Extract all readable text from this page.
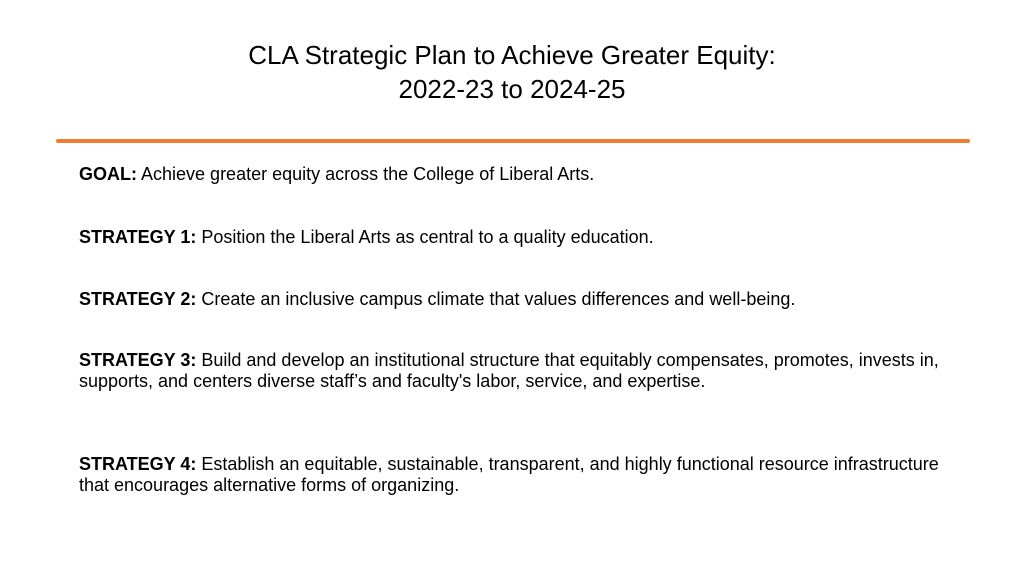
CLA Strategic Plan to Achieve Greater Equity:
2022-23 to 2024-25

GOAL: Achieve greater equity across the College of Liberal Arts.

STRATEGY 1: Position the Liberal Arts as central to a quality education.

STRATEGY 2: Create an inclusive campus climate that values differences and well-being.

STRATEGY 3: Build and develop an institutional structure that equitably compensates, promotes, invests in, supports, and centers diverse staff’s and faculty's labor, service, and expertise.

STRATEGY 4: Establish an equitable, sustainable, transparent, and highly functional resource infrastructure that encourages alternative forms of organizing.
